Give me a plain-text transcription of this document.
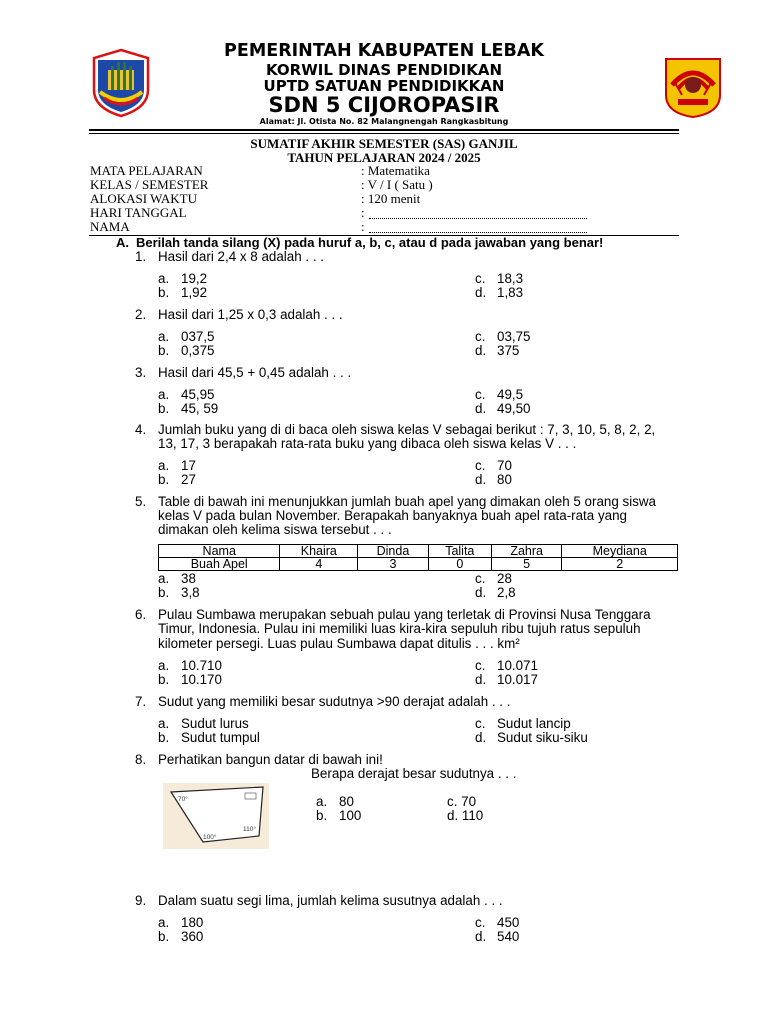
PEMERINTAH KABUPATEN LEBAK
KORWIL DINAS PENDIDIKAN
UPTD SATUAN PENDIDIKKAN
SDN 5 CIJOROPASIR
Alamat: Jl. Otista No. 82 Malangnengah Rangkasbitung
SUMATIF AKHIR SEMESTER (SAS) GANJIL
TAHUN PELAJARAN 2024 / 2025
MATA PELAJARAN	: Matematika
KELAS / SEMESTER	: V / I ( Satu )
ALOKASI WAKTU	: 120 menit
HARI TANGGAL	:
NAMA	:
A. Berilah tanda silang (X) pada huruf a, b, c, atau d pada jawaban yang benar!
1. Hasil dari 2,4 x 8 adalah . . .
a. 19,2
b. 1,92
c. 18,3
d. 1,83
2. Hasil dari 1,25 x 0,3 adalah . . .
a. 037,5
b. 0,375
c. 03,75
d. 375
3. Hasil dari 45,5 + 0,45 adalah . . .
a. 45,95
b. 45, 59
c. 49,5
d. 49,50
4. Jumlah buku yang di di baca oleh siswa kelas V sebagai berikut : 7, 3, 10, 5, 8, 2, 2,
13, 17, 3 berapakah rata-rata buku yang dibaca oleh siswa kelas V . . .
a. 17
b. 27
c. 70
d. 80
5. Table di bawah ini menunjukkan jumlah buah apel yang dimakan oleh 5 orang siswa
kelas V pada bulan November. Berapakah banyaknya buah apel rata-rata yang
dimakan oleh kelima siswa tersebut . . .
Nama	Khaira	Dinda	Talita	Zahra	Meydiana
Buah Apel	4	3	0	5	2
a. 38
b. 3,8
c. 28
d. 2,8
6. Pulau Sumbawa merupakan sebuah pulau yang terletak di Provinsi Nusa Tenggara
Timur, Indonesia. Pulau ini memiliki luas kira-kira sepuluh ribu tujuh ratus sepuluh
kilometer persegi. Luas pulau Sumbawa dapat ditulis . . . km²
a. 10.710
b. 10.170
c. 10.071
d. 10.017
7. Sudut yang memiliki besar sudutnya >90 derajat adalah . . .
a. Sudut lurus
b. Sudut tumpul
c. Sudut lancip
d. Sudut siku-siku
8. Perhatikan bangun datar di bawah ini!
Berapa derajat besar sudutnya . . .
70°
100°
110°
a. 80
b. 100
c. 70
d. 110
9. Dalam suatu segi lima, jumlah kelima susutnya adalah . . .
a. 180
b. 360
c. 450
d. 540
